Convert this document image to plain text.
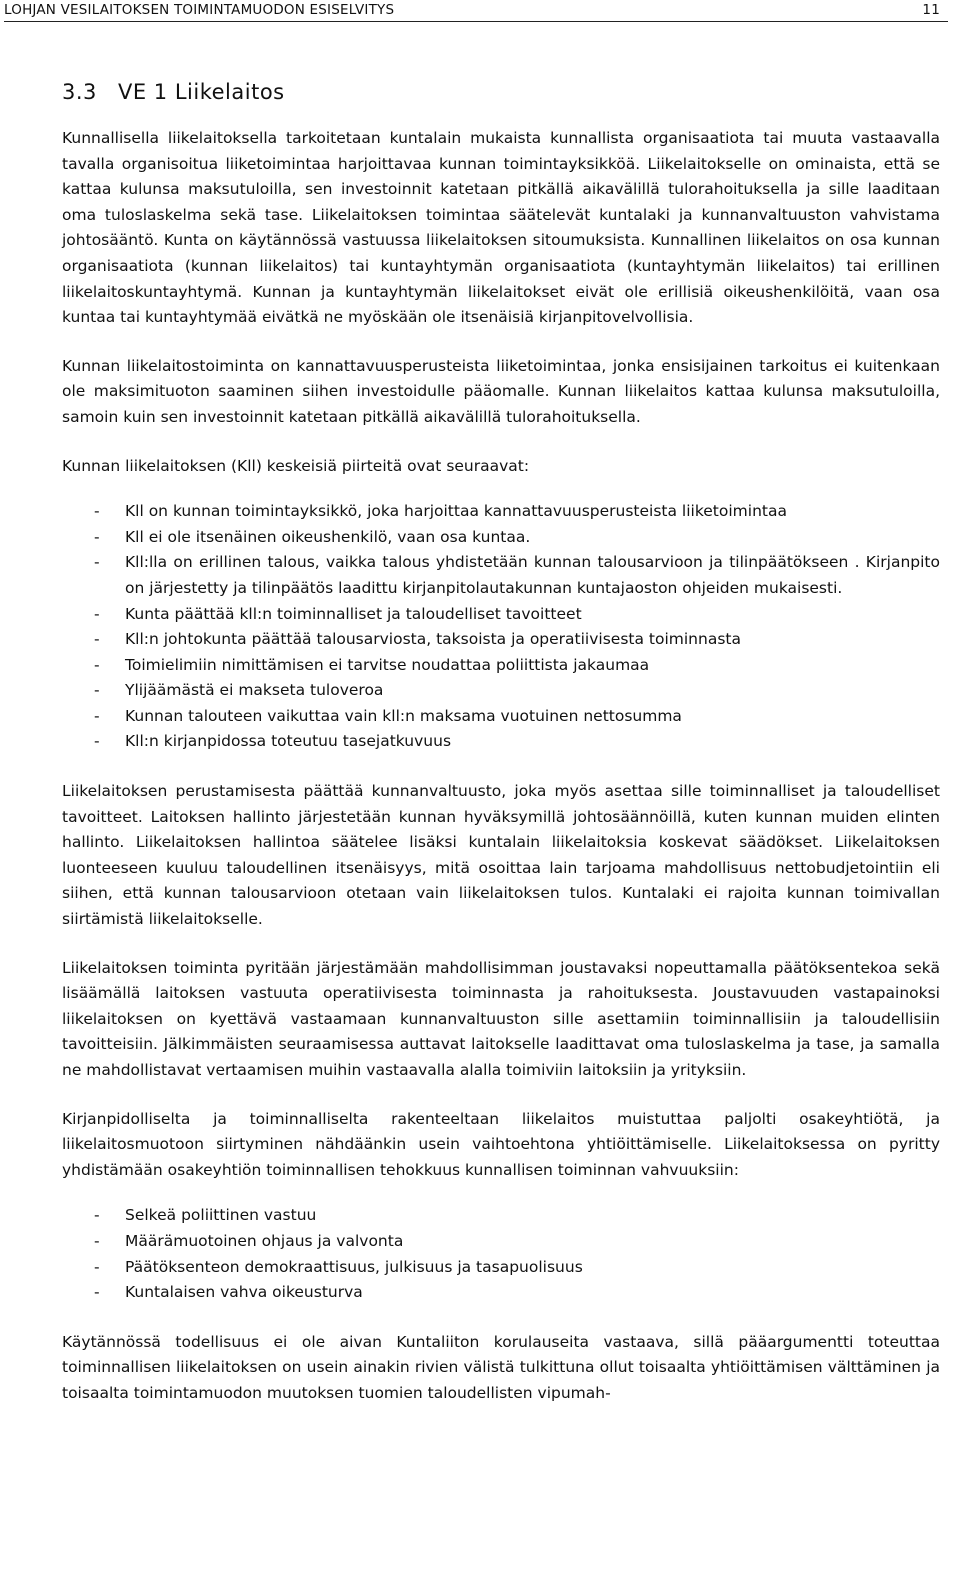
LOHJAN VESILAITOKSEN TOIMINTAMUODON ESISELVITYS	11
3.3 VE 1 Liikelaitos

Kunnallisella liikelaitoksella tarkoitetaan kuntalain mukaista kunnallista organisaatiota tai muuta vastaavalla tavalla organisoitua liiketoimintaa harjoittavaa kunnan toimintayksikköä. Liikelaitokselle on ominaista, että se kattaa kulunsa maksutuloilla, sen investoinnit katetaan pitkällä aikavälillä tulorahoituksella ja sille laaditaan oma tuloslaskelma sekä tase. Liikelaitoksen toimintaa säätelevät kuntalaki ja kunnanvaltuuston vahvistama johtosääntö. Kunta on käytännössä vastuussa liikelaitoksen sitoumuksista. Kunnallinen liikelaitos on osa kunnan organisaatiota (kunnan liikelaitos) tai kuntayhtymän organisaatiota (kuntayhtymän liikelaitos) tai erillinen liikelaitoskuntayhtymä. Kunnan ja kuntayhtymän liikelaitokset eivät ole erillisiä oikeushenkilöitä, vaan osa kuntaa tai kuntayhtymää eivätkä ne myöskään ole itsenäisiä kirjanpitovelvollisia.

Kunnan liikelaitostoiminta on kannattavuusperusteista liiketoimintaa, jonka ensisijainen tarkoitus ei kuitenkaan ole maksimituoton saaminen siihen investoidulle pääomalle. Kunnan liikelaitos kattaa kulunsa maksutuloilla, samoin kuin sen investoinnit katetaan pitkällä aikavälillä tulorahoituksella.

Kunnan liikelaitoksen (Kll) keskeisiä piirteitä ovat seuraavat:

- Kll on kunnan toimintayksikkö, joka harjoittaa kannattavuusperusteista liiketoimintaa
- Kll ei ole itsenäinen oikeushenkilö, vaan osa kuntaa.
- Kll:lla on erillinen talous, vaikka talous yhdistetään kunnan talousarvioon ja tilinpäätökseen . Kirjanpito on järjestetty ja tilinpäätös laadittu kirjanpitolautakunnan kuntajaoston ohjeiden mukaisesti.
- Kunta päättää kll:n toiminnalliset ja taloudelliset tavoitteet
- Kll:n johtokunta päättää talousarviosta, taksoista ja operatiivisesta toiminnasta
- Toimielimiin nimittämisen ei tarvitse noudattaa poliittista jakaumaa
- Ylijäämästä ei makseta tuloveroa
- Kunnan talouteen vaikuttaa vain kll:n maksama vuotuinen nettosumma
- Kll:n kirjanpidossa toteutuu tasejatkuvuus

Liikelaitoksen perustamisesta päättää kunnanvaltuusto, joka myös asettaa sille toiminnalliset ja taloudelliset tavoitteet. Laitoksen hallinto järjestetään kunnan hyväksymillä johtosäännöillä, kuten kunnan muiden elinten hallinto. Liikelaitoksen hallintoa säätelee lisäksi kuntalain liikelaitoksia koskevat säädökset. Liikelaitoksen luonteeseen kuuluu taloudellinen itsenäisyys, mitä osoittaa lain tarjoama mahdollisuus nettobudjetointiin eli siihen, että kunnan talousarvioon otetaan vain liikelaitoksen tulos. Kuntalaki ei rajoita kunnan toimivallan siirtämistä liikelaitokselle.

Liikelaitoksen toiminta pyritään järjestämään mahdollisimman joustavaksi nopeuttamalla päätöksentekoa sekä lisäämällä laitoksen vastuuta operatiivisesta toiminnasta ja rahoituksesta. Joustavuuden vastapainoksi liikelaitoksen on kyettävä vastaamaan kunnanvaltuuston sille asettamiin toiminnallisiin ja taloudellisiin tavoitteisiin. Jälkimmäisten seuraamisessa auttavat laitokselle laadittavat oma tuloslaskelma ja tase, ja samalla ne mahdollistavat vertaamisen muihin vastaavalla alalla toimiviin laitoksiin ja yrityksiin.

Kirjanpidolliselta ja toiminnalliselta rakenteeltaan liikelaitos muistuttaa paljolti osakeyhtiötä, ja liikelaitosmuotoon siirtyminen nähdäänkin usein vaihtoehtona yhtiöittämiselle. Liikelaitoksessa on pyritty yhdistämään osakeyhtiön toiminnallisen tehokkuus kunnallisen toiminnan vahvuuksiin:

- Selkeä poliittinen vastuu
- Määrämuotoinen ohjaus ja valvonta
- Päätöksenteon demokraattisuus, julkisuus ja tasapuolisuus
- Kuntalaisen vahva oikeusturva

Käytännössä todellisuus ei ole aivan Kuntaliiton korulauseita vastaava, sillä pääargumentti toteuttaa toiminnallisen liikelaitoksen on usein ainakin rivien välistä tulkittuna ollut toisaalta yhtiöittämisen välttäminen ja toisaalta toimintamuodon muutoksen tuomien taloudellisten vipumah-
